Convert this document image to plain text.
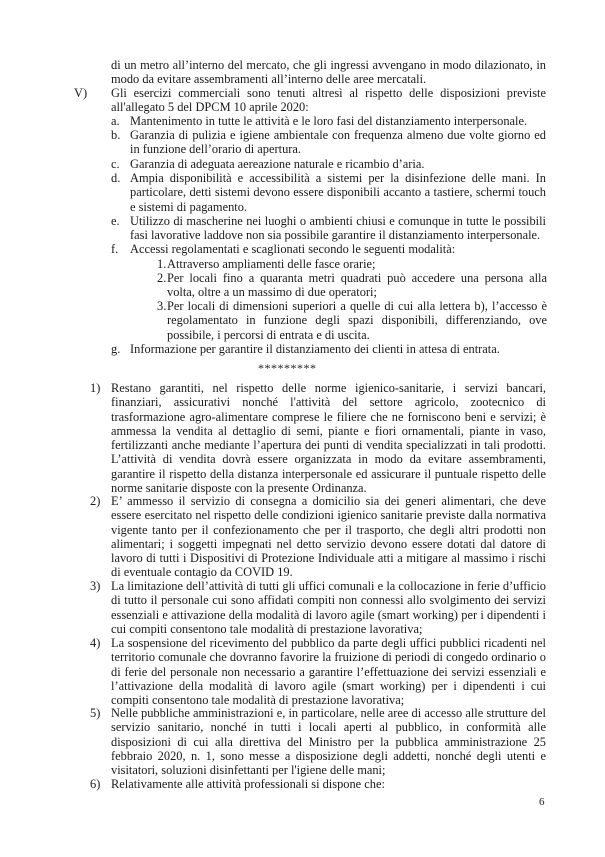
di un metro all’interno del mercato, che gli ingressi avvengano in modo dilazionato, in modo da evitare assembramenti all’interno delle aree mercatali.

V) Gli esercizi commerciali sono tenuti altresì al rispetto delle disposizioni previste all'allegato 5 del DPCM 10 aprile 2020:

a. Mantenimento in tutte le attività e le loro fasi del distanziamento interpersonale.

b. Garanzia di pulizia e igiene ambientale con frequenza almeno due volte giorno ed in funzione dell’orario di apertura.

c. Garanzia di adeguata aereazione naturale e ricambio d’aria.

d. Ampia disponibilità e accessibilità a sistemi per la disinfezione delle mani. In particolare, detti sistemi devono essere disponibili accanto a tastiere, schermi touch e sistemi di pagamento.

e. Utilizzo di mascherine nei luoghi o ambienti chiusi e comunque in tutte le possibili fasi lavorative laddove non sia possibile garantire il distanziamento interpersonale.

f. Accessi regolamentati e scaglionati secondo le seguenti modalità:

1. Attraverso ampliamenti delle fasce orarie;

2. Per locali fino a quaranta metri quadrati può accedere una persona alla volta, oltre a un massimo di due operatori;

3. Per locali di dimensioni superiori a quelle di cui alla lettera b), l’accesso è regolamentato in funzione degli spazi disponibili, differenziando, ove possibile, i percorsi di entrata e di uscita.

g. Informazione per garantire il distanziamento dei clienti in attesa di entrata.

*********
1) Restano garantiti, nel rispetto delle norme igienico-sanitarie, i servizi bancari, finanziari, assicurativi nonché l'attività del settore agricolo, zootecnico di trasformazione agro-alimentare comprese le filiere che ne forniscono beni e servizi; è ammessa la vendita al dettaglio di semi, piante e fiori ornamentali, piante in vaso, fertilizzanti anche mediante l’apertura dei punti di vendita specializzati in tali prodotti. L’attività di vendita dovrà essere organizzata in modo da evitare assembramenti, garantire il rispetto della distanza interpersonale ed assicurare il puntuale rispetto delle norme sanitarie disposte con la presente Ordinanza.

2) E’ ammesso il servizio di consegna a domicilio sia dei generi alimentari, che deve essere esercitato nel rispetto delle condizioni igienico sanitarie previste dalla normativa vigente tanto per il confezionamento che per il trasporto, che degli altri prodotti non alimentari; i soggetti impegnati nel detto servizio devono essere dotati dal datore di lavoro di tutti i Dispositivi di Protezione Individuale atti a mitigare al massimo i rischi di eventuale contagio da COVID 19.

3) La limitazione dell’attività di tutti gli uffici comunali e la collocazione in ferie d’ufficio di tutto il personale cui sono affidati compiti non connessi allo svolgimento dei servizi essenziali e attivazione della modalità di lavoro agile (smart working) per i dipendenti i cui compiti consentono tale modalità di prestazione lavorativa;

4) La sospensione del ricevimento del pubblico da parte degli uffici pubblici ricadenti nel territorio comunale che dovranno favorire la fruizione di periodi di congedo ordinario o di ferie del personale non necessario a garantire l’effettuazione dei servizi essenziali e l’attivazione della modalità di lavoro agile (smart working) per i dipendenti i cui compiti consentono tale modalità di prestazione lavorativa;

5) Nelle pubbliche amministrazioni e, in particolare, nelle aree di accesso alle strutture del servizio sanitario, nonché in tutti i locali aperti al pubblico, in conformità alle disposizioni di cui alla direttiva del Ministro per la pubblica amministrazione 25 febbraio 2020, n. 1, sono messe a disposizione degli addetti, nonché degli utenti e visitatori, soluzioni disinfettanti per l'igiene delle mani;

6) Relativamente alle attività professionali si dispone che:

6
